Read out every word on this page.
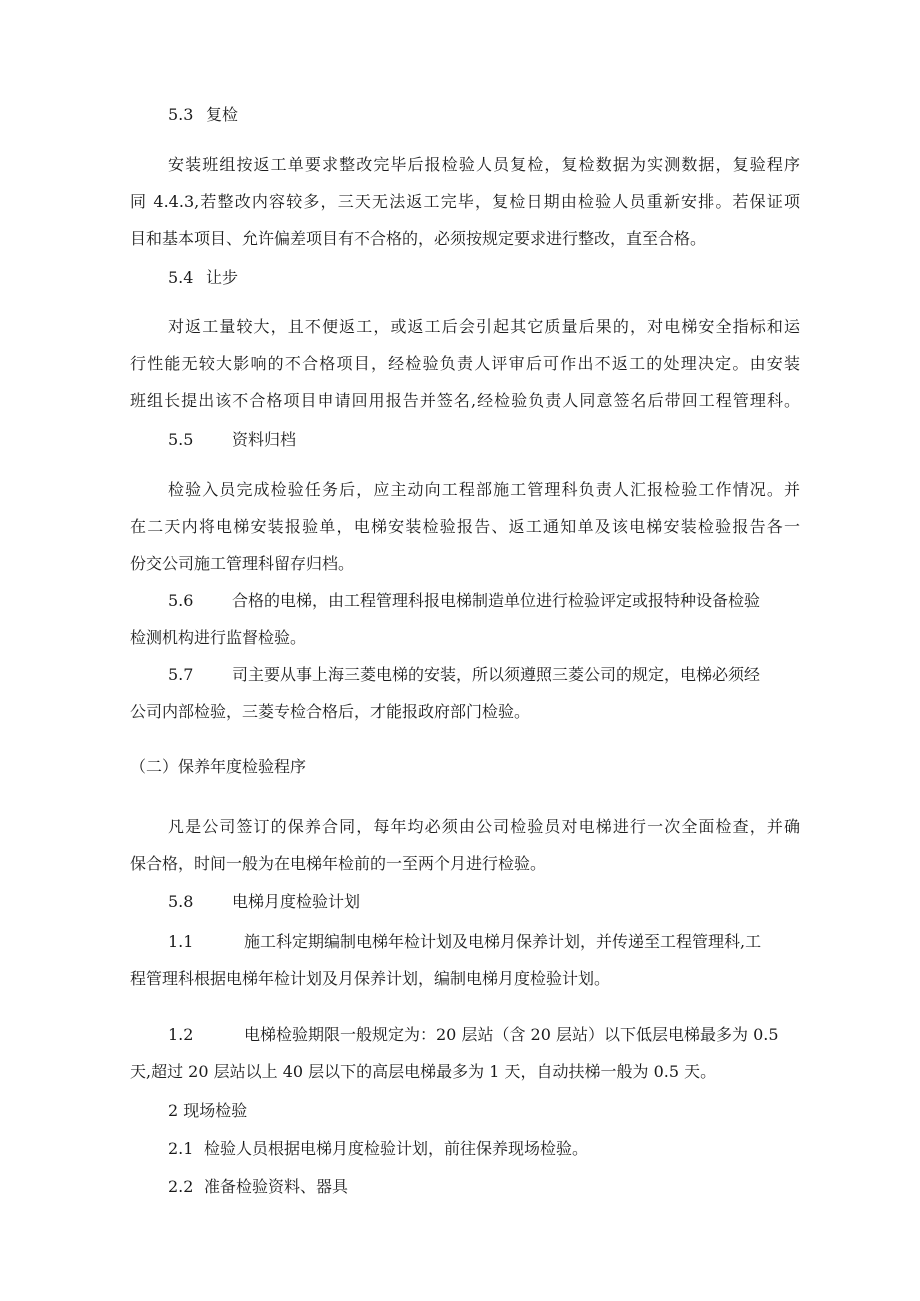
5.3 复检
安装班组按返工单要求整改完毕后报检验人员复检，复检数据为实测数据，复验程序
同 4.4.3,若整改内容较多，三天无法返工完毕，复检日期由检验人员重新安排。若保证项
目和基本项目、允许偏差项目有不合格的，必须按规定要求进行整改，直至合格。
5.4 让步
对返工量较大，且不便返工，或返工后会引起其它质量后果的，对电梯安全指标和运
行性能无较大影响的不合格项目，经检验负责人评审后可作出不返工的处理决定。由安装
班组长提出该不合格项目申请回用报告并签名,经检验负责人同意签名后带回工程管理科。
5.5 资料归档
检验入员完成检验任务后，应主动向工程部施工管理科负责人汇报检验工作情况。并
在二天内将电梯安装报验单，电梯安装检验报告、返工通知单及该电梯安装检验报告各一
份交公司施工管理科留存归档。
5.6 合格的电梯，由工程管理科报电梯制造单位进行检验评定或报特种设备检验
检测机构进行监督检验。
5.7 司主要从事上海三菱电梯的安装，所以须遵照三菱公司的规定，电梯必须经
公司内部检验，三菱专检合格后，才能报政府部门检验。
（二）保养年度检验程序
凡是公司签订的保养合同，每年均必须由公司检验员对电梯进行一次全面检查，并确
保合格，时间一般为在电梯年检前的一至两个月进行检验。
5.8 电梯月度检验计划
1.1	施工科定期编制电梯年检计划及电梯月保养计划，并传递至工程管理科,工
程管理科根据电梯年检计划及月保养计划，编制电梯月度检验计划。
1.2	电梯检验期限一般规定为：20 层站（含 20 层站）以下低层电梯最多为 0.5
天,超过 20 层站以上 40 层以下的高层电梯最多为 1 天，自动扶梯一般为 0.5 天。
2 现场检验
2.1 检验人员根据电梯月度检验计划，前往保养现场检验。
2.2 准备检验资料、器具
